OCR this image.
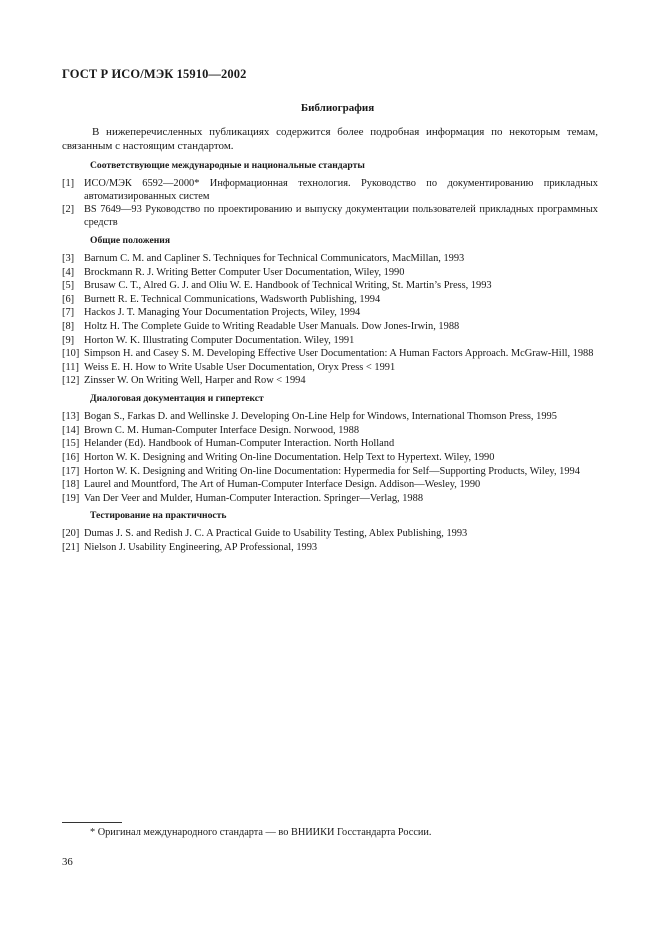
ГОСТ Р ИСО/МЭК 15910—2002
Библиография

В нижеперечисленных публикациях содержится более подробная информация по некоторым темам, связанным с настоящим стандартом.

Соответствующие международные и национальные стандарты
[1] ИСО/МЭК 6592—2000* Информационная технология. Руководство по документированию прикладных автоматизированных систем
[2] BS 7649—93 Руководство по проектированию и выпуску документации пользователей прикладных программных средств
Общие положения
[3] Barnum C. M. and Capliner S. Techniques for Technical Communicators, MacMillan, 1993
[4] Brockmann R. J. Writing Better Computer User Documentation, Wiley, 1990
[5] Brusaw C. T., Alred G. J. and Oliu W. E. Handbook of Technical Writing, St. Martin’s Press, 1993
[6] Burnett R. E. Technical Communications, Wadsworth Publishing, 1994
[7] Hackos J. T. Managing Your Documentation Projects, Wiley, 1994
[8] Holtz H. The Complete Guide to Writing Readable User Manuals. Dow Jones-Irwin, 1988
[9] Horton W. K. Illustrating Computer Documentation. Wiley, 1991
[10] Simpson H. and Casey S. M. Developing Effective User Documentation: A Human Factors Approach. McGraw-Hill, 1988
[11] Weiss E. H. How to Write Usable User Documentation, Oryx Press < 1991
[12] Zinsser W. On Writing Well, Harper and Row < 1994
Диалоговая документация и гипертекст
[13] Bogan S., Farkas D. and Wellinske J. Developing On-Line Help for Windows, International Thomson Press, 1995
[14] Brown C. M. Human-Computer Interface Design. Norwood, 1988
[15] Helander (Ed). Handbook of Human-Computer Interaction. North Holland
[16] Horton W. K. Designing and Writing On-line Documentation. Help Text to Hypertext. Wiley, 1990
[17] Horton W. K. Designing and Writing On-line Documentation: Hypermedia for Self—Supporting Products, Wiley, 1994
[18] Laurel and Mountford, The Art of Human-Computer Interface Design. Addison—Wesley, 1990
[19] Van Der Veer and Mulder, Human-Computer Interaction. Springer—Verlag, 1988
Тестирование на практичность
[20] Dumas J. S. and Redish J. C. A Practical Guide to Usability Testing, Ablex Publishing, 1993
[21] Nielson J. Usability Engineering, AP Professional, 1993
* Оригинал международного стандарта — во ВНИИКИ Госстандарта России.
36
